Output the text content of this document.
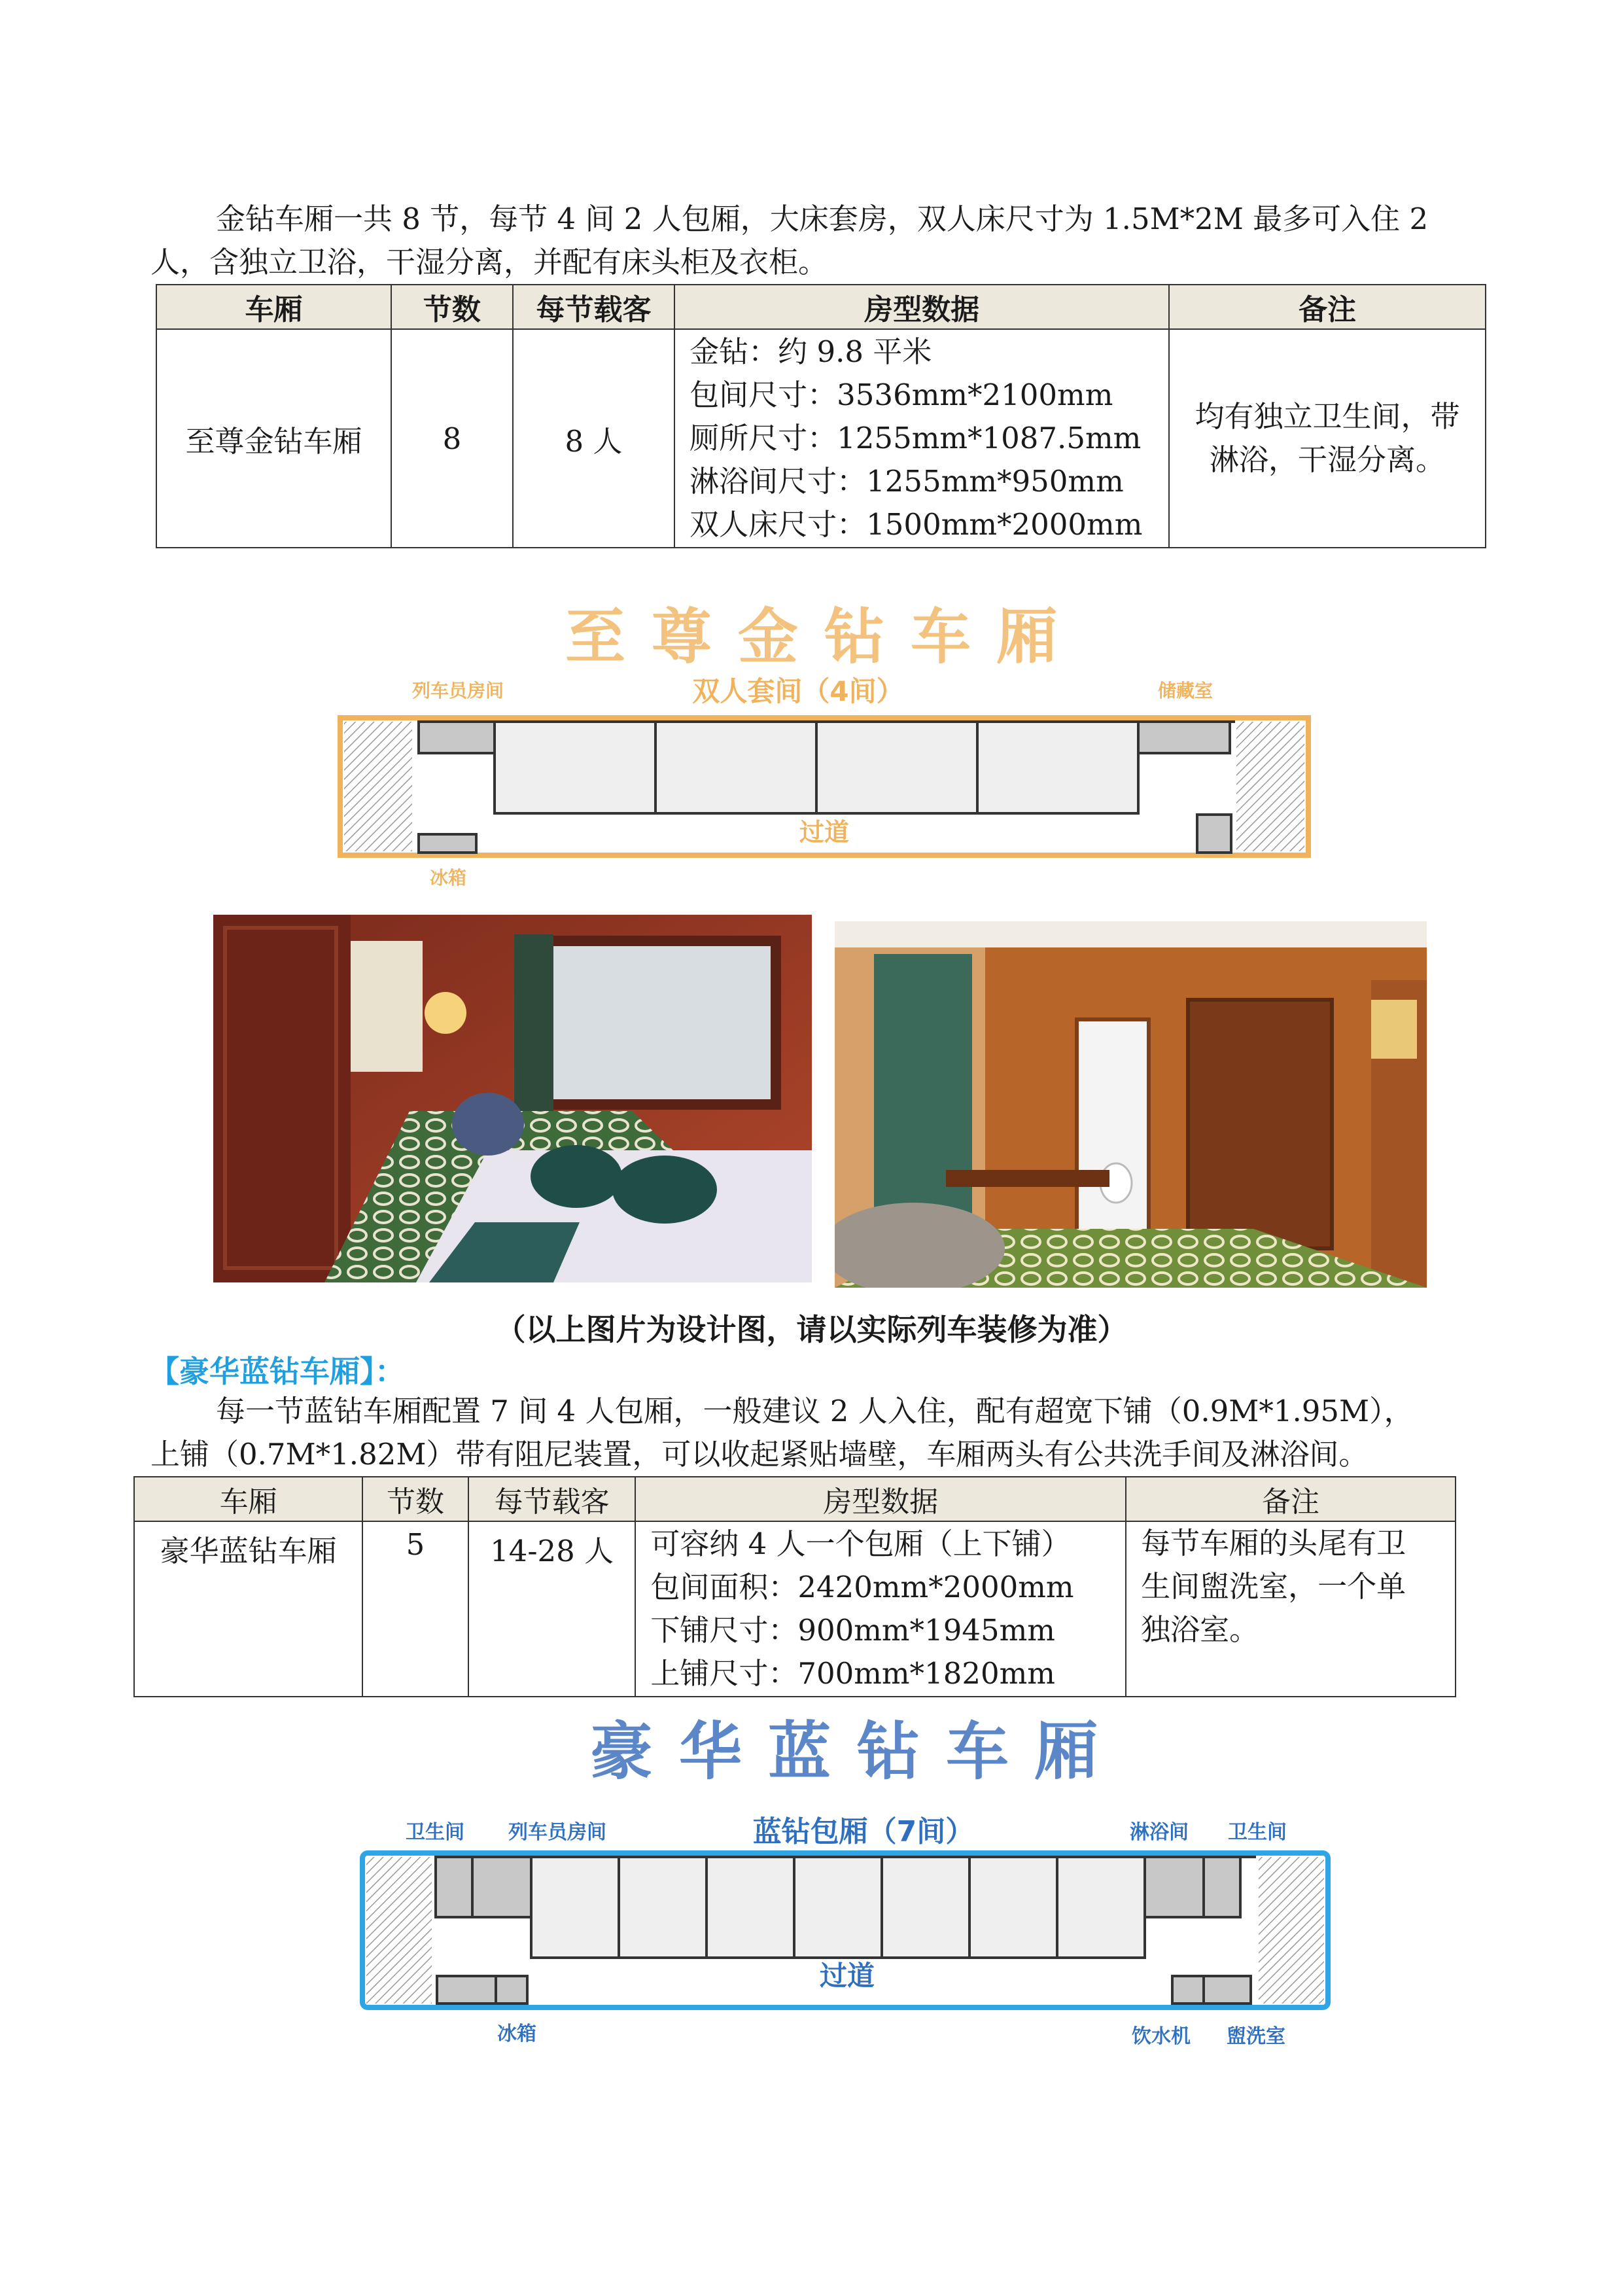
金钻车厢一共 8 节，每节 4 间 2 人包厢，大床套房，双人床尺寸为 1.5M*2M 最多可入住 2

人，含独立卫浴，干湿分离，并配有床头柜及衣柜。

车厢	节数	每节载客	房型数据	备注
至尊金钻车厢	8	8 人	金钻：约 9.8 平米
包间尺寸：3536mm*2100mm
厕所尺寸：1255mm*1087.5mm
淋浴间尺寸：1255mm*950mm
双人床尺寸：1500mm*2000mm	均有独立卫生间，带
淋浴，干湿分离。
至尊金钻车厢
列车员房间	双人套间（4间）	储藏室
过道
冰箱
（以上图片为设计图，请以实际列车装修为准）
【豪华蓝钻车厢】：

每一节蓝钻车厢配置 7 间 4 人包厢，一般建议 2 人入住，配有超宽下铺（0.9M*1.95M），

上铺（0.7M*1.82M）带有阻尼装置，可以收起紧贴墙壁，车厢两头有公共洗手间及淋浴间。

车厢	节数	每节载客	房型数据	备注
豪华蓝钻车厢	5	14-28 人	可容纳 4 人一个包厢（上下铺）
包间面积：2420mm*2000mm
下铺尺寸：900mm*1945mm
上铺尺寸：700mm*1820mm	每节车厢的头尾有卫
生间盥洗室，一个单
独浴室。
豪华蓝钻车厢
卫生间 列车员房间	蓝钻包厢（7间）	淋浴间 卫生间
过道
冰箱	饮水机 盥洗室
